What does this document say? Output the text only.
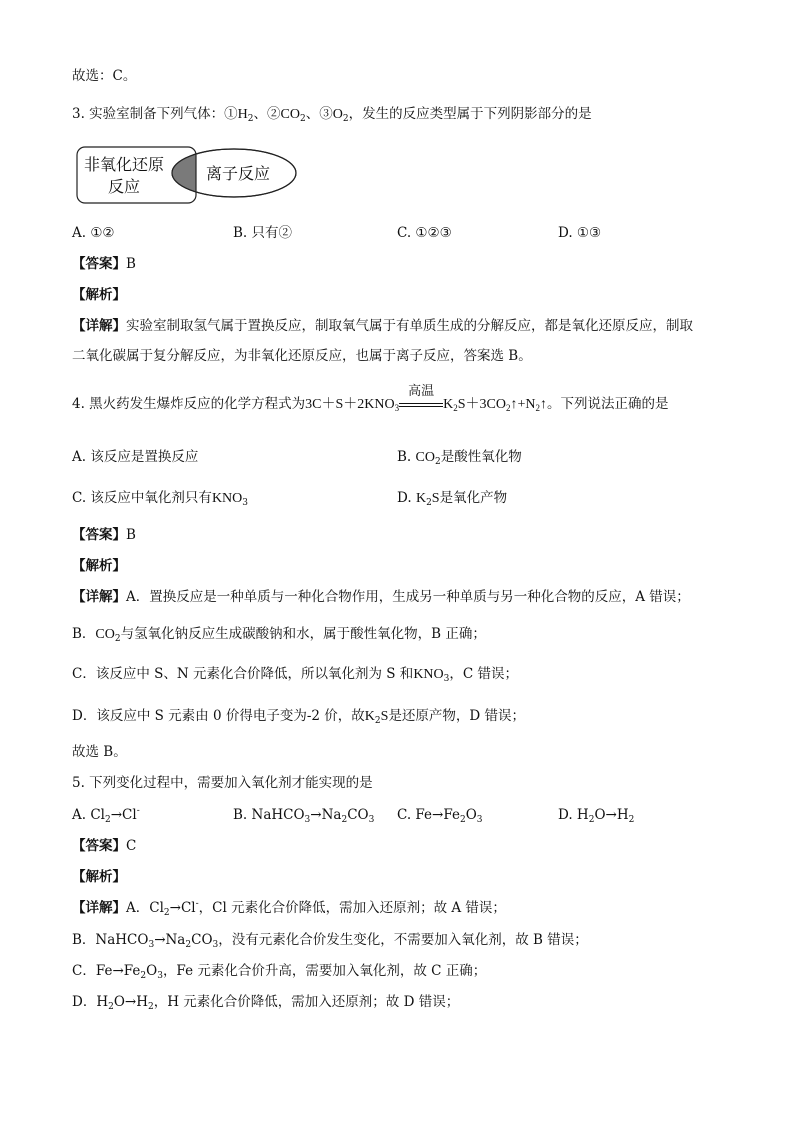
故选：C。
3. 实验室制备下列气体：$①H_2$、$②CO_2$、$③O_2$，发生的反应类型属于下列阴影部分的是
非氧化还原
反应
离子反应
A. ①②	B. 只有②	C. ①②③	D. ①③
【答案】B
【解析】
【详解】实验室制取氢气属于置换反应，制取氧气属于有单质生成的分解反应，都是氧化还原反应，制取
二氧化碳属于复分解反应，为非氧化还原反应，也属于离子反应，答案选 B。
4. 黑火药发生爆炸反应的化学方程式为$3C+S+2KNO_3$
高温
$K_2S+3CO_2↑+N_2↑$。下列说法正确的是
A. 该反应是置换反应	B. $CO_2$是酸性氧化物
C. 该反应中氧化剂只有$KNO_3$	D. $K_2S$是氧化产物
【答案】B
【解析】
【详解】A．置换反应是一种单质与一种化合物作用，生成另一种单质与另一种化合物的反应，A 错误；
B．$CO_2$与氢氧化钠反应生成碳酸钠和水，属于酸性氧化物，B 正确；
C．该反应中 S、N 元素化合价降低，所以氧化剂为 S 和$KNO_3$，C 错误；
D．该反应中 S 元素由 0 价得电子变为-2 价，故$K_2S$是还原产物，D 错误；
故选 B。
5. 下列变化过程中，需要加入氧化剂才能实现的是
A. $Cl_2\to Cl^-$	B. $NaHCO_3\to Na_2CO_3$ C. $Fe\to Fe_2O_3$	D. $H_2O\to H_2$
【答案】C
【解析】
【详解】A．$Cl_2\to Cl^-$，Cl 元素化合价降低，需加入还原剂；故 A 错误；
B．$NaHCO_3\to Na_2CO_3$，没有元素化合价发生变化，不需要加入氧化剂，故 B 错误；
C．$Fe\to Fe_2O_3$，Fe 元素化合价升高，需要加入氧化剂，故 C 正确；
D．$H_2O\to H_2$，H 元素化合价降低，需加入还原剂；故 D 错误；
